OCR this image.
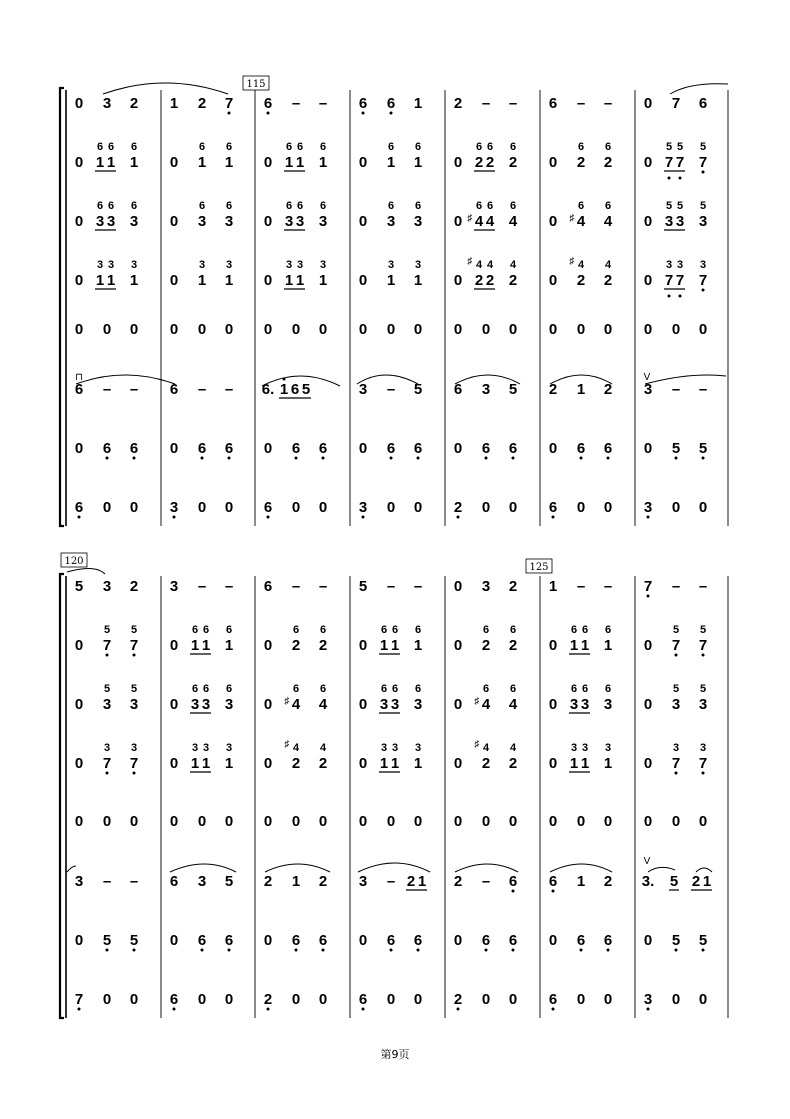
0 3 2 1 2 7 6 – – 6 6 1 2 – – 6 – – 0 7 6
0 1
6
1
6
1
6
0 1
6
1
6
0 1
6
1
6
1
6
0 1
6
1
6
0 2
6
2
6
2
6
0 2
6
2
6
0 7
5
7
5
7
5
0 3
6
3
6
3
6
0 3
6
3
6
0 3
6
3
6
3
6
0 3
6
3
6
0 4
6
4
6
♯ 4
6
0 4
6
♯ 4
6
0 3
5
3
5
3
5
0 1
3
1
3
1
3
0 1
3
1
3
0 1
3
1
3
1
3
0 1
3
1
3
0 2
4
2
4
♯
2
4
0 2
4
♯
2
4
0 7
3
7
3
7
3
0 0 0 0 0 0 0 0 0 0 0 0 0 0 0 0 0 0 0 0 0
6 – – 6 – – 6. 1 6 5	3 – 5 6 3 5 2 1 2 3 – –
0 6 6 0 6 6 0 6 6 0 6 6 0 6 6 0 6 6 0 5 5
6 0 0 3 0 0 6 0 0 3 0 0 2 0 0 6 0 0 3 0 0
5 3 2 3 – – 6 – – 5 – – 0 3 2 1 – – 7 – –
0 7
5
7
5
0 1
6
1
6
1
6
0 2
6
2
6
0 1
6
1
6
1
6
0 2
6
2
6
0 1
6
1
6
1
6
0 7
5
7
5
0 3
5
3
5
0 3
6
3
6
3
6
0 4
6
♯ 4
6
0 3
6
3
6
3
6
0 4
6
♯ 4
6
0 3
6
3
6
3
6
0 3
5
3
5
0 7
3
7
3
0 1
3
1
3
1
3
0 2
4
♯
2
4
0 1
3
1
3
1
3
0 2
4
♯
2
4
0 1
3
1
3
1
3
0 7
3
7
3
0 0 0 0 0 0 0 0 0 0 0 0 0 0 0 0 0 0 0 0 0
3 – – 6 3 5 2 1 2 3 – 2 1 2 – 6 6 1 2 3. 5 2 1
0 5 5 0 6 6 0 6 6 0 6 6 0 6 6 0 6 6 0 5 5
7 0 0 6 0 0 2 0 0 6 0 0 2 0 0 6 0 0 3 0 0
115
120
125
⊓	V
V
第9页
